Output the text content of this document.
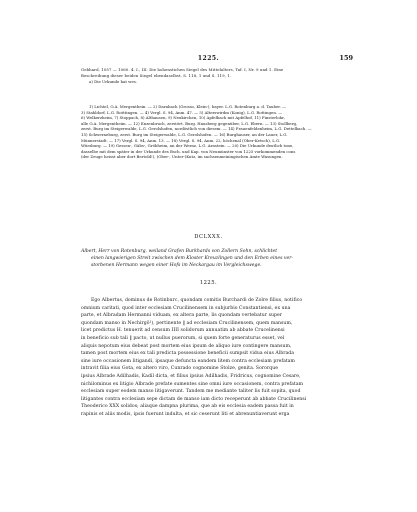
1225.	159
Gebhard, 1057 — 1060. 4. I., III. Die hohenstichen Siegel des Mittelalters, Taf. I, Nr. 9 und 1. Eine
Beschreibung dieser beiden Siegel ebendaselbst, S. 118, 1 und S. 119, 1.
a) Die Urkunde hat wes.
1) Lichtel, O.A. Mergenthein. — 2) Darnbach (Grosso, Klein-), bayer. L.G. Rotenburg a. d. Tauber. —
3) Stahldorf, L.G. Rotttingen. — 4) Vergl. S. 94, Anm. 47. — 5) Alterswirdm (Konig), L.G. Rottingen. —
6) Welkerzheim, 7) Stoppach, 8) Althausen, 9) Neukirchen, 10) Apfelbach mit Apfelhof, 11) Finsterlohr,
alle O.A. Mergentheim. — 12) Enzenbruch, zerstört. Burg. Hausberg gegenüber, L.G. Ebern. — 13) Stollberg,
zerst. Burg im Steigerwalde, L.G. Gerolshofen, nordöstlich von diesem. — 14) Frauenfeldenheim, L.G. Dettelbach. —
15) Schwerneburg, zerst. Burg im Steigerwalde, L.G. Gerolshofen. — 16) Burghauser, an der Lauer, L.G.
Münnerstadt. — 17) Vergl. S. 94, Anm. 13. — 18) Vergl. S. 94, Anm. 22, höchenal (Ober-Ketsch), L.G.
Würzburg. — 19) Gessen-, Gäbs-, Gröbheim, an der Wernz, L.G. Arnstein. — 20) Die Urkunde deutlich tone,
dasselbe mit dem später in der Urkunde des Bsch. und Kap. von Neumünster von 1225 vorkommenden cons
(der Zeuge heisst aber dort Bertold!), (Ober-, Unter-)Kutz, im sachsenmeiningischen Amte Wasungen.
DCLXXX.
Albert, Herr von Rotenburg, weiland Grafen Burkhards von Zollern Sohn, schlichtet
einen langwierigen Streit zwischen dem Kloster Kreuzlingen und den Erben eines ver-
storbenen Hermann wegen einer Hofs im Neckargau im Vergleichswege.
1225.
Ego Albertus, dominus de Rotinburc, quondam comitis Burchardi de Zolre filius, notifico
omnium caritati, quod inter ecclesiam Crucilinensem in subjurbio Constantiensi, ex una
parte, et Albradam Hermanni viduam, ex altera parte, lis quondam vertebatur super
quondam manso in Nechirgǒ¹), pertinente ‖ ad ecclesiam Crucilinensem, quem mansum,
licet predictus H. tenuerit ad censum IIII solidorum annuatim ab abbate Crucelinensi
in beneficio sub tali ‖ pacto, ut nullus puerorum, si quem forte generaturus esset, vel
aliquis nepotum eius debeat post mortem eius ipsum de aliquo iure contingere mansum,
tamen post mortem eius ex tali predicta possessione beneficii sumpsit vidua eius Albrada
sine iure occasionem litigandi, ipsaque defuncta eandem litem contra ecclesiam prefatam
intravit filia eius Gota, ex altero viro, Cunrado cognomine Stolze, genita. Sororque
ipsius Albrade Adilhadis, Kadil dicta, et filius ipsius Adilhadis, Fridricus, cognomine Cesare,
nichilominus ex litigio Albrade prefate sumentes sine omni iure occasionem, contra prefatam
ecclesiam super eodem manso litigaverunt. Tandem me mediante taliter lis fuit sopita, quod
litigantes contra ecclesiam sepe dictam de manso iam dicto receperunt ab abbate Crucilinensi
Theoderico XXX solidos; aliaque dampna plurima, que ab eis ecclesia eadem passa fuit in
rapinis et aliis modis, ipsis fuerunt indulta, et sic ceserunt liti et abrenuntiaverunt erga
